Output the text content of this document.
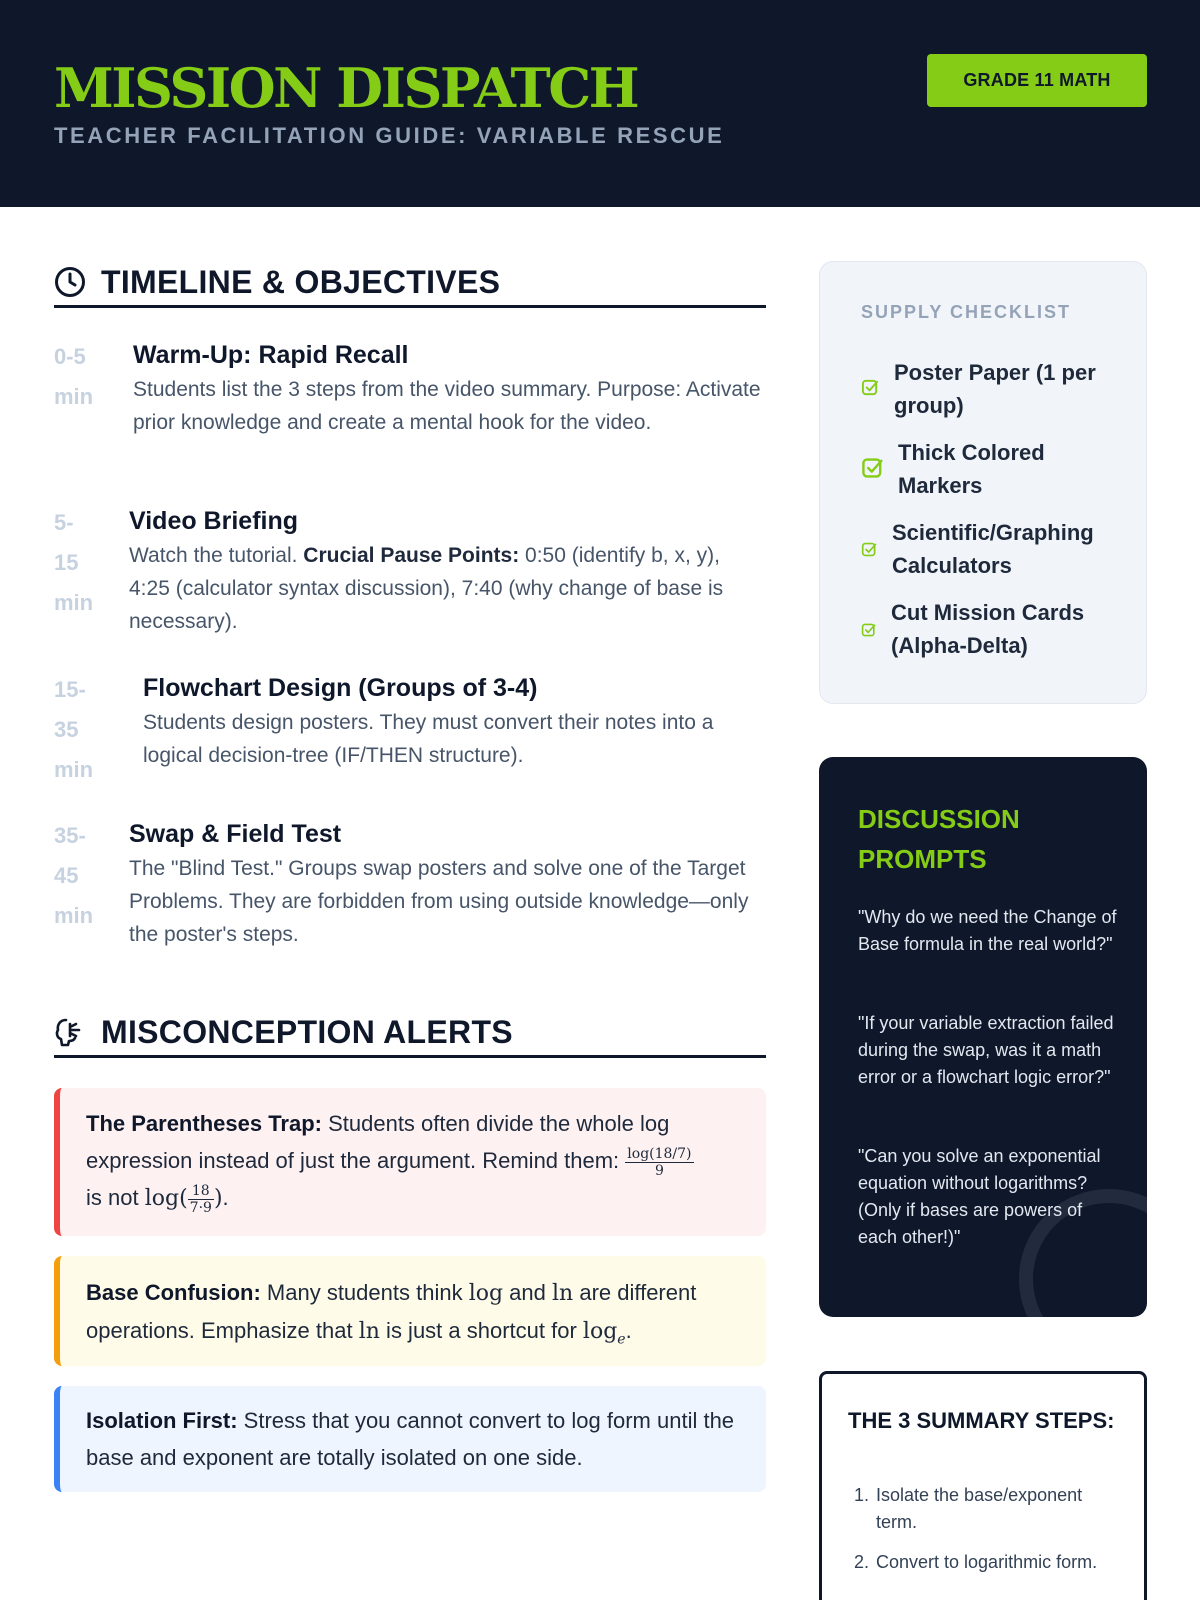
MISSION DISPATCH
TEACHER FACILITATION GUIDE: VARIABLE RESCUE
GRADE 11 MATH
TIMELINE & OBJECTIVES
0-5
min
Warm-Up: Rapid Recall
Students list the 3 steps from the video summary. Purpose: Activate prior knowledge and create a mental hook for the video.
5-
15
min
Video Briefing
Watch the tutorial. Crucial Pause Points: 0:50 (identify b, x, y), 4:25 (calculator syntax discussion), 7:40 (why change of base is necessary).
15-
35
min
Flowchart Design (Groups of 3-4)
Students design posters. They must convert their notes into a logical decision-tree (IF/THEN structure).
35-
45
min
Swap & Field Test
The "Blind Test." Groups swap posters and solve one of the Target Problems. They are forbidden from using outside knowledge—only the poster's steps.
MISCONCEPTION ALERTS
The Parentheses Trap: Students often divide the whole log expression instead of just the argument. Remind them: $\frac{\log(18/7)}{9}$

is not $\log( \frac{18}{7\cdot 9}$ ).
Base Confusion: Many students think log and ln are different operations. Emphasize that ln is just a shortcut for $\log_e$.
Isolation First: Stress that you cannot convert to log form until the base and exponent are totally isolated on one side.
SUPPLY CHECKLIST
Poster Paper (1 per group)
Thick Colored Markers
Scientific/Graphing Calculators
Cut Mission Cards (Alpha-Delta)
DISCUSSION PROMPTS
"Why do we need the Change of Base formula in the real world?"
"If your variable extraction failed during the swap, was it a math error or a flowchart logic error?"
"Can you solve an exponential equation without logarithms? (Only if bases are powers of each other!)"
THE 3 SUMMARY STEPS:
1. Isolate the base/exponent term.
2. Convert to logarithmic form.
